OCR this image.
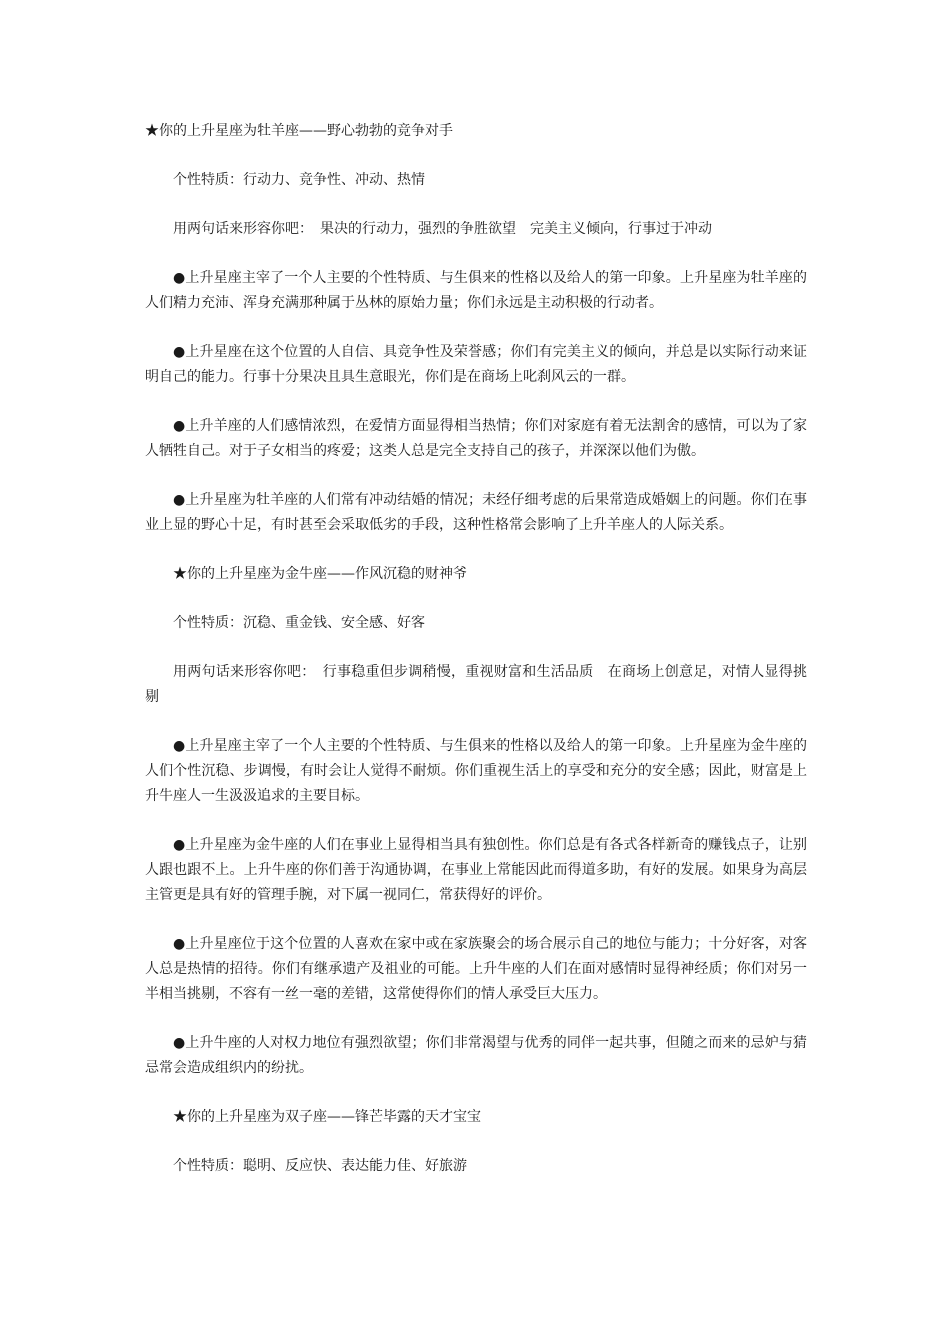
★你的上升星座为牡羊座——野心勃勃的竞争对手

个性特质：行动力、竞争性、冲动、热情

用两句话来形容你吧：　果决的行动力，强烈的争胜欲望　完美主义倾向，行事过于冲动

●上升星座主宰了一个人主要的个性特质、与生俱来的性格以及给人的第一印象。上升星座为牡羊座的人们精力充沛、浑身充满那种属于丛林的原始力量；你们永远是主动积极的行动者。

●上升星座在这个位置的人自信、具竞争性及荣誉感；你们有完美主义的倾向，并总是以实际行动来证明自己的能力。行事十分果决且具生意眼光，你们是在商场上叱刹风云的一群。

●上升羊座的人们感情浓烈，在爱情方面显得相当热情；你们对家庭有着无法割舍的感情，可以为了家人牺牲自己。对于子女相当的疼爱；这类人总是完全支持自己的孩子，并深深以他们为傲。

●上升星座为牡羊座的人们常有冲动结婚的情况；未经仔细考虑的后果常造成婚姻上的问题。你们在事业上显的野心十足，有时甚至会采取低劣的手段，这种性格常会影响了上升羊座人的人际关系。

★你的上升星座为金牛座——作风沉稳的财神爷

个性特质：沉稳、重金钱、安全感、好客

用两句话来形容你吧：　行事稳重但步调稍慢，重视财富和生活品质　在商场上创意足，对情人显得挑剔

●上升星座主宰了一个人主要的个性特质、与生俱来的性格以及给人的第一印象。上升星座为金牛座的人们个性沉稳、步调慢，有时会让人觉得不耐烦。你们重视生活上的享受和充分的安全感；因此，财富是上升牛座人一生汲汲追求的主要目标。

●上升星座为金牛座的人们在事业上显得相当具有独创性。你们总是有各式各样新奇的赚钱点子，让别人跟也跟不上。上升牛座的你们善于沟通协调，在事业上常能因此而得道多助，有好的发展。如果身为高层主管更是具有好的管理手腕，对下属一视同仁，常获得好的评价。

●上升星座位于这个位置的人喜欢在家中或在家族聚会的场合展示自己的地位与能力；十分好客，对客人总是热情的招待。你们有继承遗产及祖业的可能。上升牛座的人们在面对感情时显得神经质；你们对另一半相当挑剔，不容有一丝一毫的差错，这常使得你们的情人承受巨大压力。

●上升牛座的人对权力地位有强烈欲望；你们非常渴望与优秀的同伴一起共事，但随之而来的忌妒与猜忌常会造成组织内的纷扰。

★你的上升星座为双子座——锋芒毕露的天才宝宝

个性特质：聪明、反应快、表达能力佳、好旅游
